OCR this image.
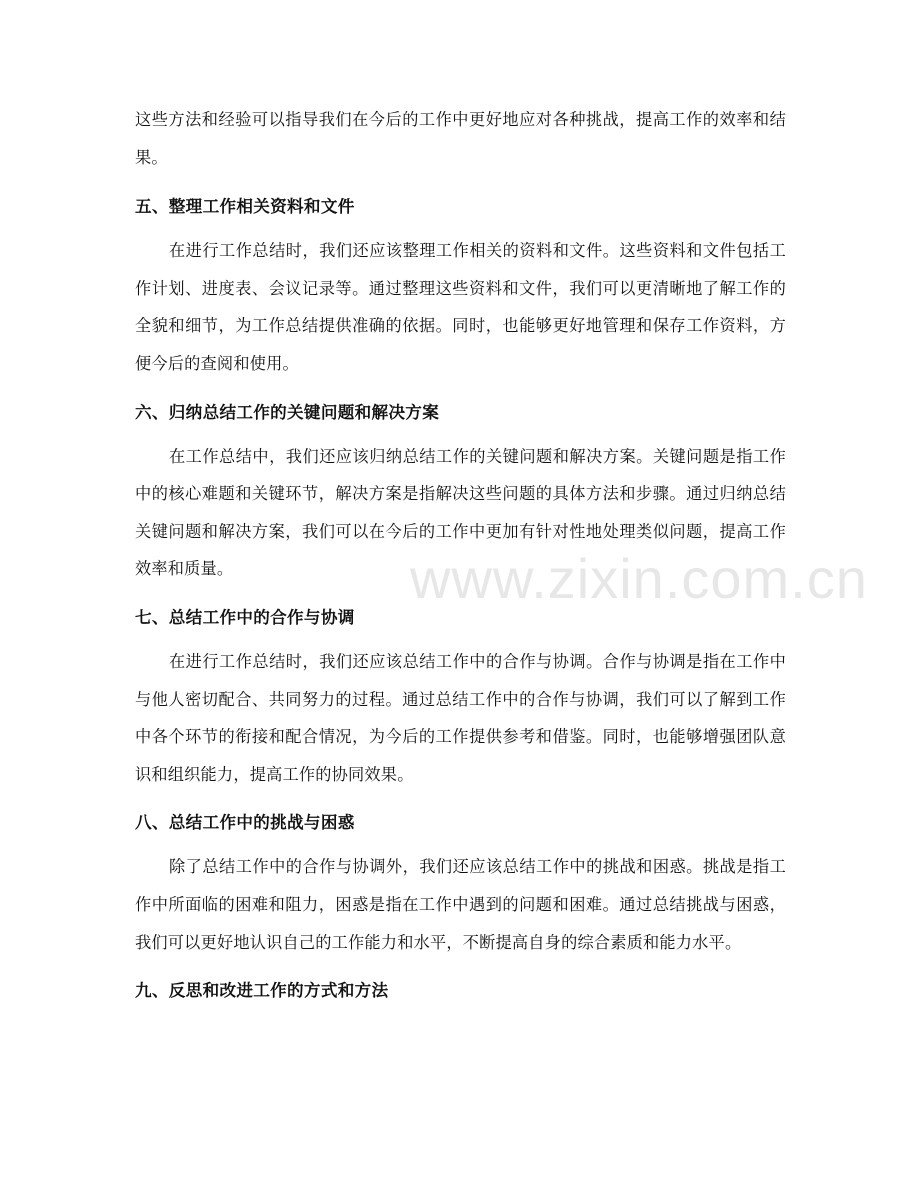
这些方法和经验可以指导我们在今后的工作中更好地应对各种挑战，提高工作的效率和结果。

五、整理工作相关资料和文件

在进行工作总结时，我们还应该整理工作相关的资料和文件。这些资料和文件包括工作计划、进度表、会议记录等。通过整理这些资料和文件，我们可以更清晰地了解工作的全貌和细节，为工作总结提供准确的依据。同时，也能够更好地管理和保存工作资料，方便今后的查阅和使用。

六、归纳总结工作的关键问题和解决方案

在工作总结中，我们还应该归纳总结工作的关键问题和解决方案。关键问题是指工作中的核心难题和关键环节，解决方案是指解决这些问题的具体方法和步骤。通过归纳总结关键问题和解决方案，我们可以在今后的工作中更加有针对性地处理类似问题，提高工作效率和质量。

七、总结工作中的合作与协调

在进行工作总结时，我们还应该总结工作中的合作与协调。合作与协调是指在工作中与他人密切配合、共同努力的过程。通过总结工作中的合作与协调，我们可以了解到工作中各个环节的衔接和配合情况，为今后的工作提供参考和借鉴。同时，也能够增强团队意识和组织能力，提高工作的协同效果。

八、总结工作中的挑战与困惑

除了总结工作中的合作与协调外，我们还应该总结工作中的挑战和困惑。挑战是指工作中所面临的困难和阻力，困惑是指在工作中遇到的问题和困难。通过总结挑战与困惑，我们可以更好地认识自己的工作能力和水平，不断提高自身的综合素质和能力水平。

九、反思和改进工作的方式和方法
www.zixin.com.cn
